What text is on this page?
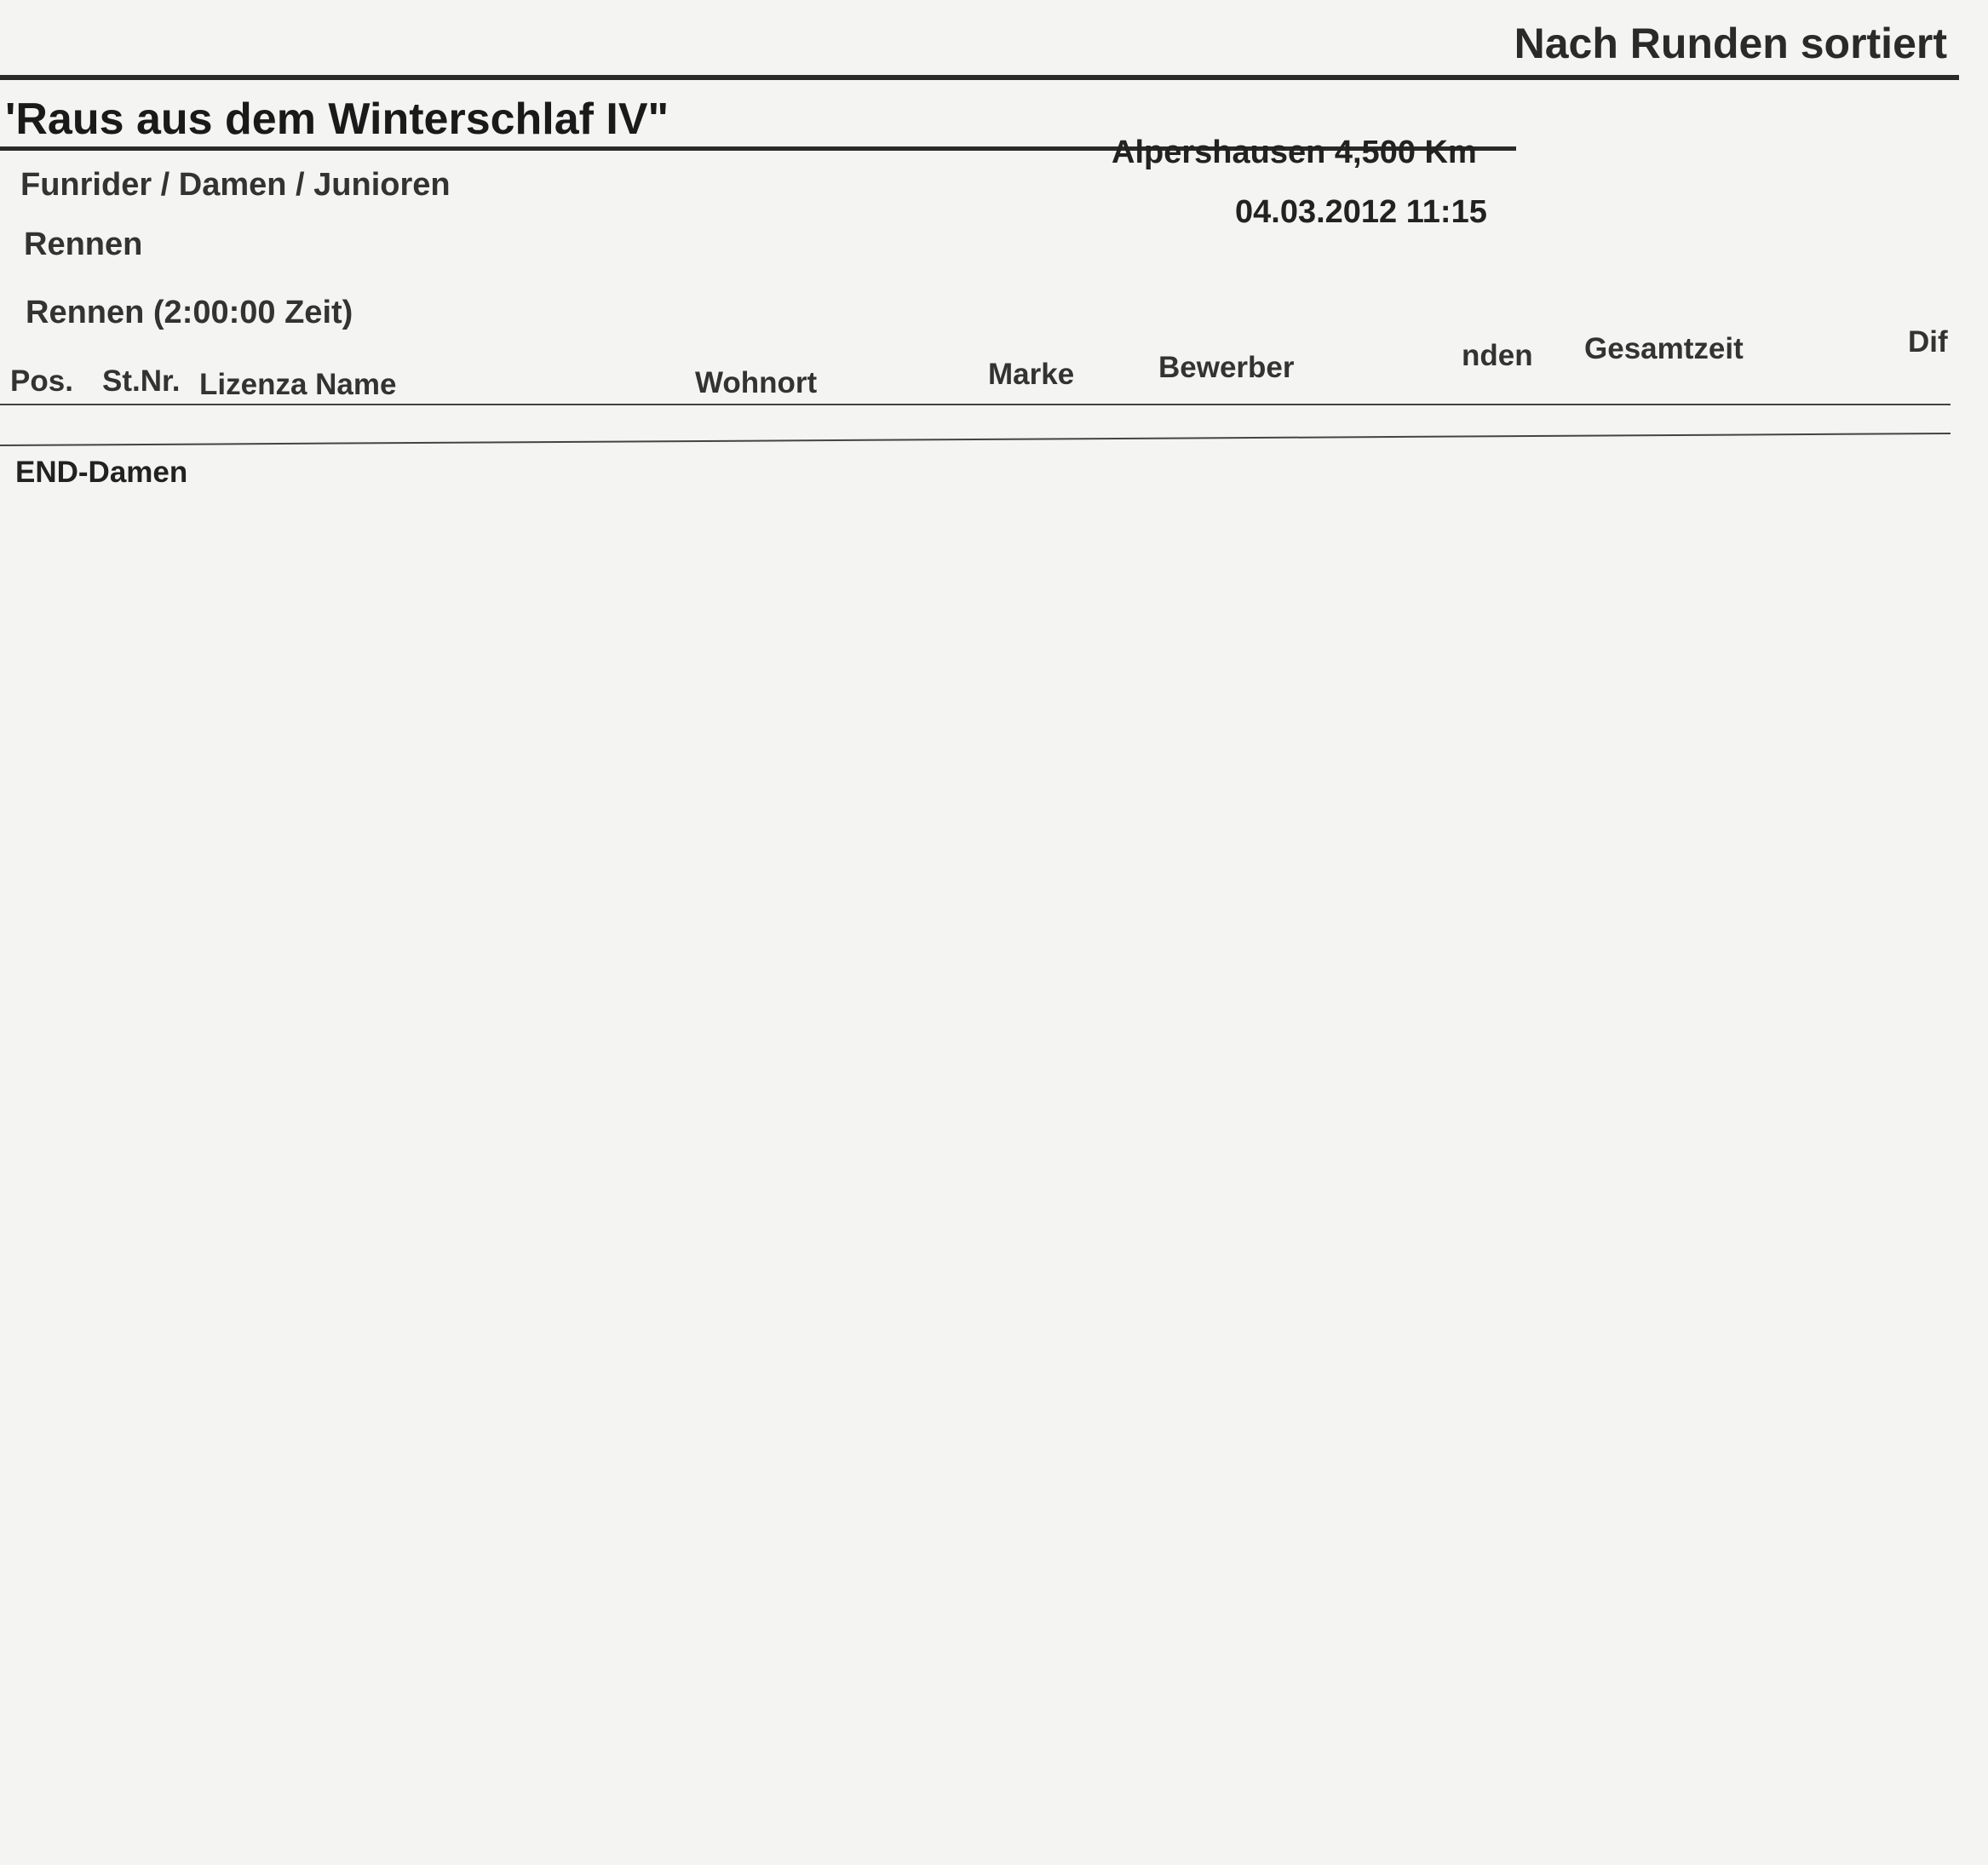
Nach Runden sortiert
'Raus aus dem Winterschlaf IV"
Alpershausen 4,500 Km
04.03.2012 11:15
Funrider / Damen / Junioren
Rennen
Rennen (2:00:00 Zeit)
Pos. St.Nr. Lizenza Name	Wohnort	Marke	Bewerber	nden Gesamtzeit	Dif
END-Damen
